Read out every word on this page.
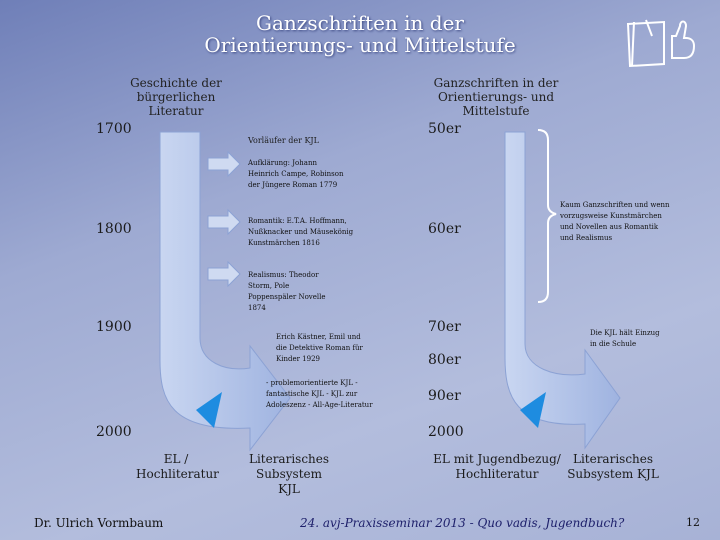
Ganzschriften in der Orientierungs- und Mittelstufe
Geschichte der bürgerlichen Literatur
Ganzschriften in der Orientierungs- und Mittelstufe
1700
1800
1900
2000
50er
60er
70er
80er
90er
2000
Vorläufer der KJL
Aufklärung: Johann Heinrich Campe, Robinson der Jüngere Roman 1779
Romantik: E.T.A. Hoffmann, Nußknacker und Mäusekönig Kunstmärchen 1816
Realismus: Theodor Storm, Pole Poppenspäler Novelle 1874
Erich Kästner, Emil und die Detektive Roman für Kinder 1929
- problemorientierte KJL - fantastische KJL - KJL zur Adoleszenz - All-Age-Literatur
Kaum Ganzschriften und wenn vorzugsweise Kunstmärchen und Novellen aus Romantik und Realismus
Die KJL hält Einzug in die Schule
EL / Hochliteratur
Literarisches Subsystem KJL
EL mit Jugendbezug/ Hochliteratur
Literarisches Subsystem KJL
Dr. Ulrich Vormbaum	24. avj-Praxisseminar 2013 - Quo vadis, Jugendbuch?	12
